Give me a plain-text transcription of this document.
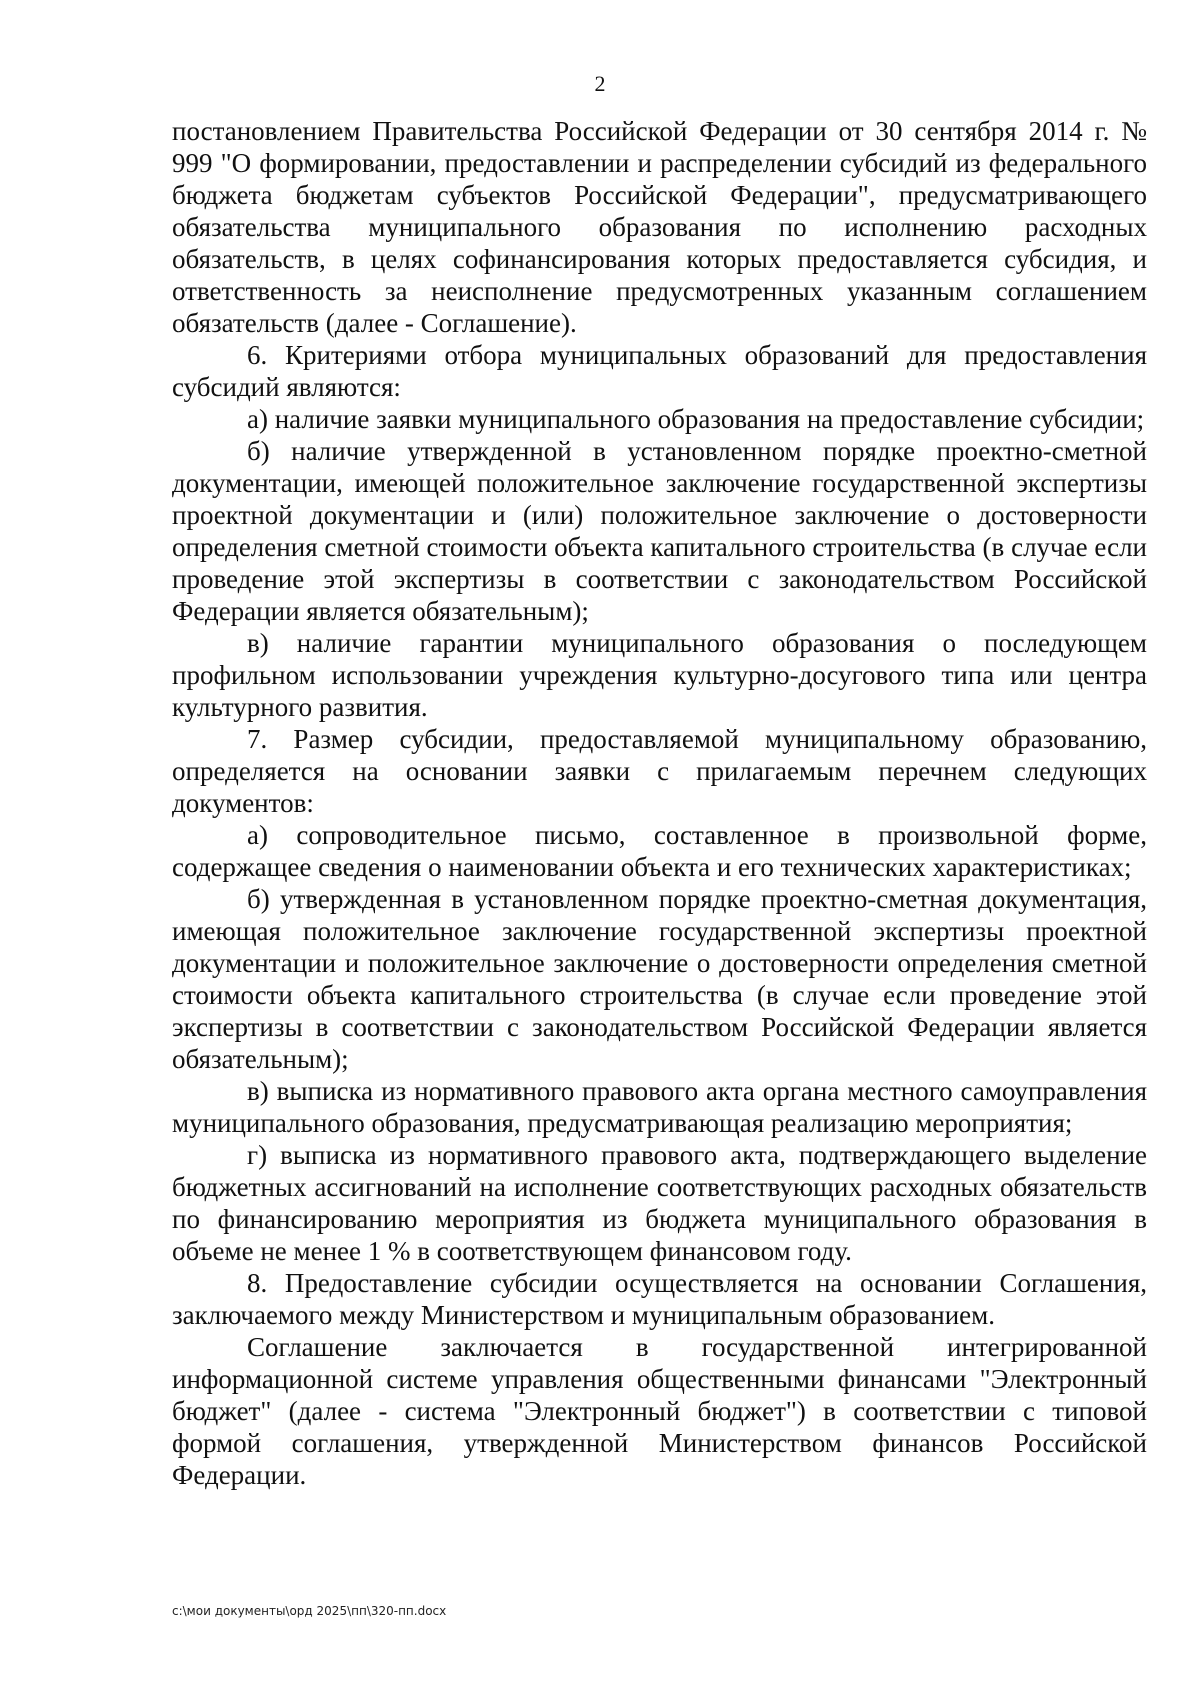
2

постановлением Правительства Российской Федерации от 30 сентября 2014 г. № 999 "О формировании, предоставлении и распределении субсидий из федерального бюджета бюджетам субъектов Российской Федерации", предусматривающего обязательства муниципального образования по исполнению расходных обязательств, в целях софинансирования которых предоставляется субсидия, и ответственность за неисполнение предусмотренных указанным соглашением обязательств (далее - Соглашение).

6. Критериями отбора муниципальных образований для предоставления субсидий являются:

а) наличие заявки муниципального образования на предоставление субсидии;

б) наличие утвержденной в установленном порядке проектно-сметной документации, имеющей положительное заключение государственной экспертизы проектной документации и (или) положительное заключение о достоверности определения сметной стоимости объекта капитального строительства (в случае если проведение этой экспертизы в соответствии с законодательством Российской Федерации является обязательным);

в) наличие гарантии муниципального образования о последующем профильном использовании учреждения культурно-досугового типа или центра культурного развития.

7. Размер субсидии, предоставляемой муниципальному образованию, определяется на основании заявки с прилагаемым перечнем следующих документов:

а) сопроводительное письмо, составленное в произвольной форме, содержащее сведения о наименовании объекта и его технических характеристиках;

б) утвержденная в установленном порядке проектно-сметная документация, имеющая положительное заключение государственной экспертизы проектной документации и положительное заключение о достоверности определения сметной стоимости объекта капитального строительства (в случае если проведение этой экспертизы в соответствии с законодательством Российской Федерации является обязательным);

в) выписка из нормативного правового акта органа местного самоуправления муниципального образования, предусматривающая реализацию мероприятия;

г) выписка из нормативного правового акта, подтверждающего выделение бюджетных ассигнований на исполнение соответствующих расходных обязательств по финансированию мероприятия из бюджета муниципального образования в объеме не менее 1 % в соответствующем финансовом году.

8. Предоставление субсидии осуществляется на основании Соглашения, заключаемого между Министерством и муниципальным образованием.

Соглашение заключается в государственной интегрированной информационной системе управления общественными финансами "Электронный бюджет" (далее - система "Электронный бюджет") в соответствии с типовой формой соглашения, утвержденной Министерством финансов Российской Федерации.

c:\мои документы\орд 2025\пп\320-пп.docx
